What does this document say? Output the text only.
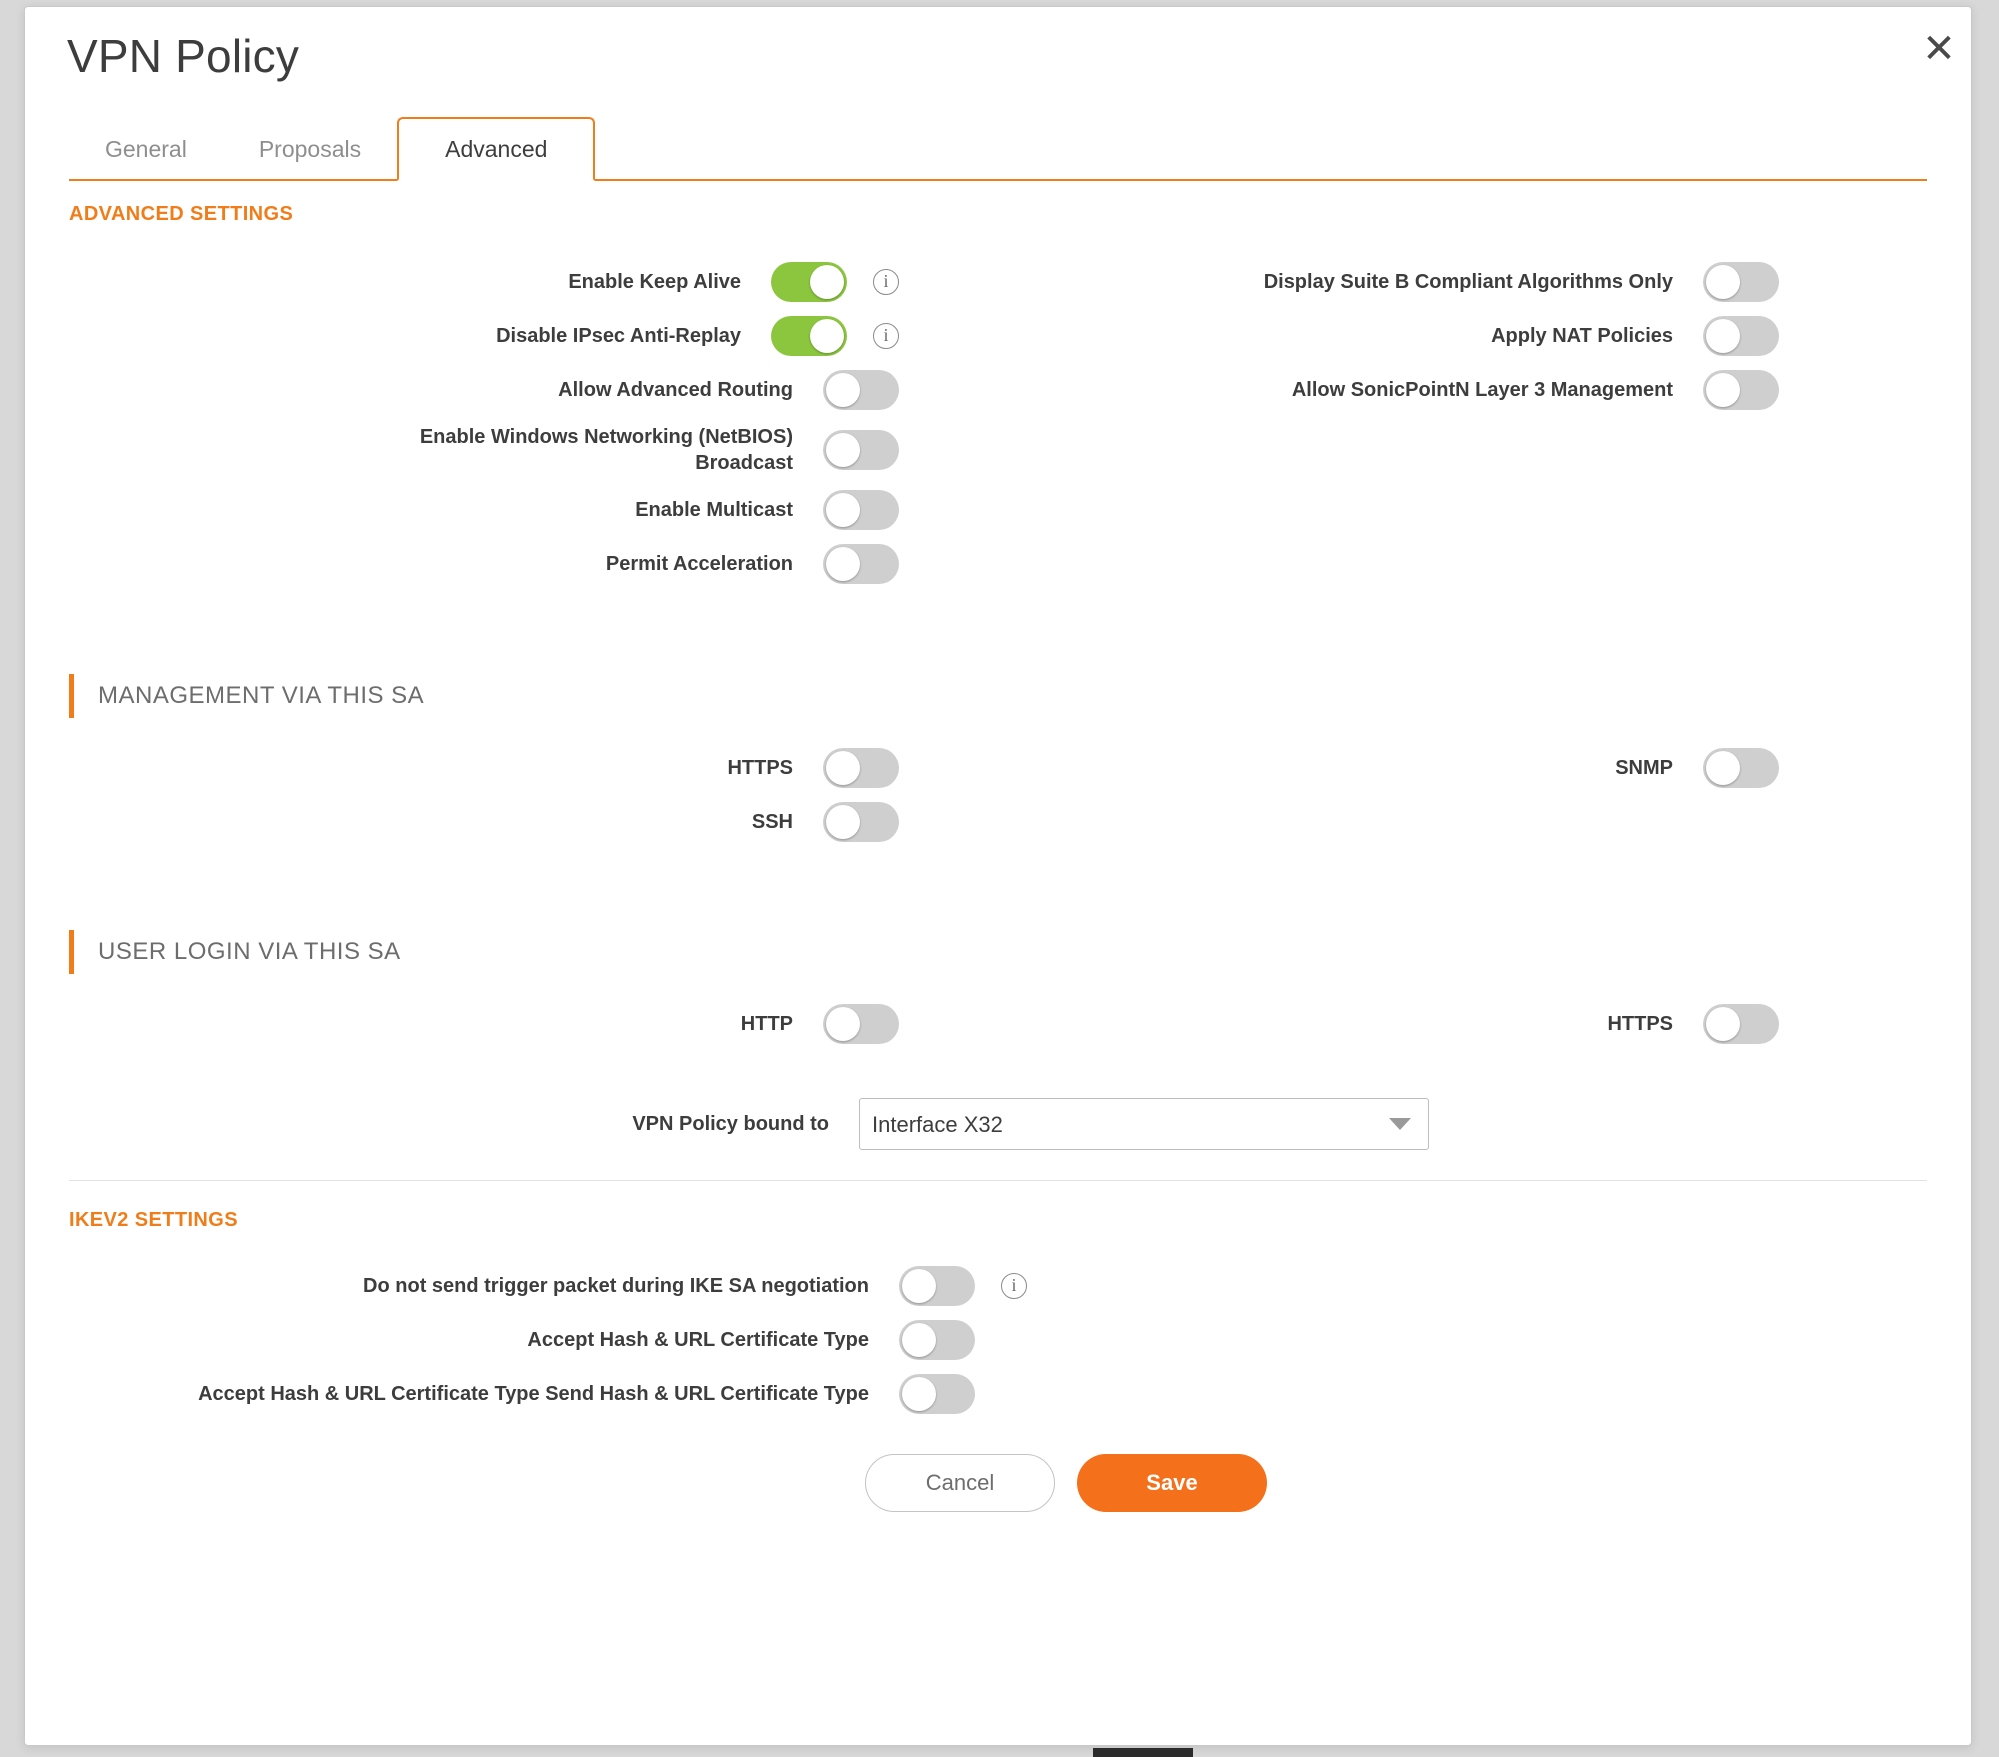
✕
VPN Policy
General	Proposals	Advanced
ADVANCED SETTINGS
Enable Keep Alive	i
Disable IPsec Anti-Replay	i
Allow Advanced Routing
Enable Windows Networking (NetBIOS) Broadcast
Enable Multicast
Permit Acceleration
Display Suite B Compliant Algorithms Only
Apply NAT Policies
Allow SonicPointN Layer 3 Management
MANAGEMENT VIA THIS SA
HTTPS
SSH
SNMP
USER LOGIN VIA THIS SA
HTTP	HTTPS
VPN Policy bound to
Interface X32
IKEV2 SETTINGS
Do not send trigger packet during IKE SA negotiation	i
Accept Hash & URL Certificate Type
Accept Hash & URL Certificate Type Send Hash & URL Certificate Type
Cancel	Save
